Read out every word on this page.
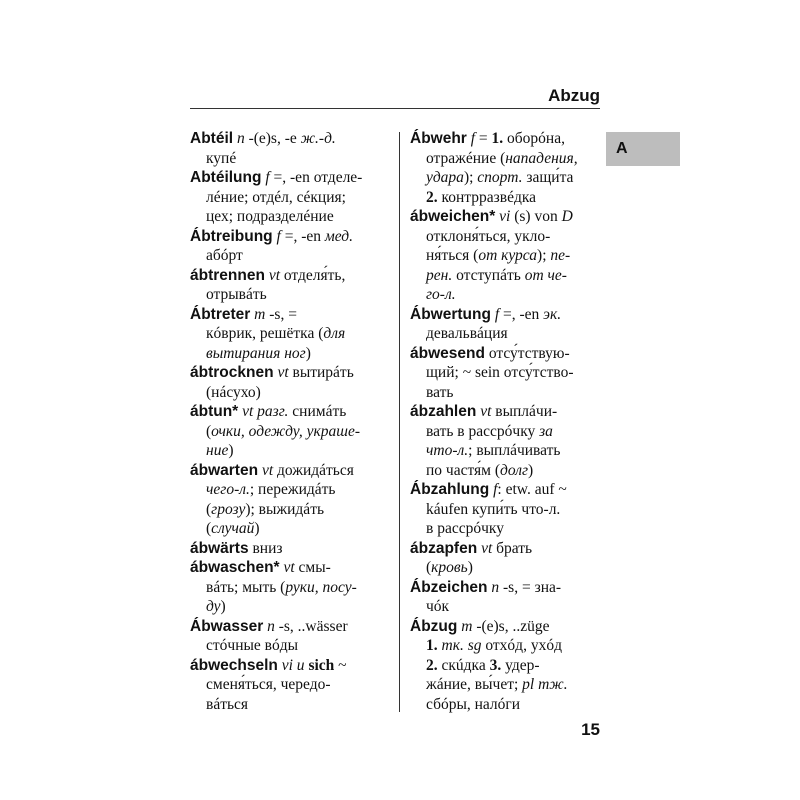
Abzug
A
Abtéil n -(e)s, -e ж.-д.
купé
Abtéilung f =, -en отделе-
лéние; отдéл, сéкция;
цех; подразделéние
Ábtreibung f =, -en мед.
абóрт
ábtrennen vt отделя́ть,
отрывáть
Ábtreter m -s, =
кóврик, решётка (для
вытирания ног)
ábtrocknen vt вытирáть
(нáсухо)
ábtun* vt разг. снимáть
(очки, одежду, украше-
ние)
ábwarten vt дожидáться
чего-л.; пережидáть
(грозу); выжидáть
(случай)
ábwärts вниз
ábwaschen* vt смы-
вáть; мыть (руки, посу-
ду)
Ábwasser n -s, ..wässer
стóчные вóды
ábwechseln vi u sich ~
сменя́ться, чередо-
вáться
Ábwehr f = 1. оборóна,
отражéние (нападения,
удара); спорт. защи́та
2. контрразвéдка
ábweichen* vi (s) von D
отклоня́ться, укло-
ня́ться (от курса); пе-
рен. отступáть от че-
го-л.
Ábwertung f =, -en эк.
девальвáция
ábwesend отсу́тствую-
щий; ~ sein отсу́тство-
вать
ábzahlen vt выплáчи-
вать в рассрóчку за
что-л.; выплáчивать
по частя́м (долг)
Ábzahlung f: etw. auf ~
káufen купи́ть что-л.
в рассрóчку
ábzapfen vt брать
(кровь)
Ábzeichen n -s, = знa-
чóк
Ábzug m -(e)s, ..züge
1. тк. sg отхóд, ухóд
2. скúдка 3. удер-
жáние, вы́чет; pl тж.
сбóры, налóги
15
